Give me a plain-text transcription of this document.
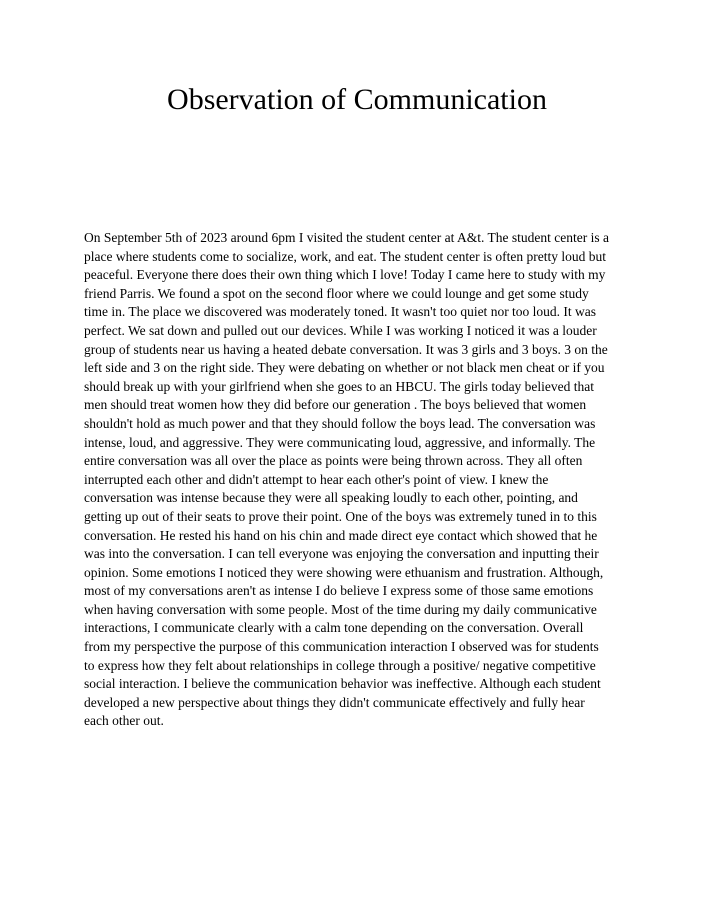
Observation of Communication
On September 5th of 2023 around 6pm I visited the student center at A&t. The student center is a
place where students come to socialize, work, and eat. The student center is often pretty loud but
peaceful. Everyone there does their own thing which I love! Today I came here to study with my
friend Parris. We found a spot on the second floor where we could lounge and get some study
time in. The place we discovered was moderately toned. It wasn't too quiet nor too loud. It was
perfect. We sat down and pulled out our devices. While I was working I noticed it was a louder
group of students near us having a heated debate conversation. It was 3 girls and 3 boys. 3 on the
left side and 3 on the right side. They were debating on whether or not black men cheat or if you
should break up with your girlfriend when she goes to an HBCU. The girls today believed that
men should treat women how they did before our generation . The boys believed that women
shouldn't hold as much power and that they should follow the boys lead. The conversation was
intense, loud, and aggressive. They were communicating loud, aggressive, and informally. The
entire conversation was all over the place as points were being thrown across. They all often
interrupted each other and didn't attempt to hear each other's point of view. I knew the
conversation was intense because they were all speaking loudly to each other, pointing, and
getting up out of their seats to prove their point. One of the boys was extremely tuned in to this
conversation. He rested his hand on his chin and made direct eye contact which showed that he
was into the conversation. I can tell everyone was enjoying the conversation and inputting their
opinion. Some emotions I noticed they were showing were ethuanism and frustration. Although,
most of my conversations aren't as intense I do believe I express some of those same emotions
when having conversation with some people. Most of the time during my daily communicative
interactions, I communicate clearly with a calm tone depending on the conversation. Overall
from my perspective the purpose of this communication interaction I observed was for students
to express how they felt about relationships in college through a positive/ negative competitive
social interaction. I believe the communication behavior was ineffective. Although each student
developed a new perspective about things they didn't communicate effectively and fully hear
each other out.
